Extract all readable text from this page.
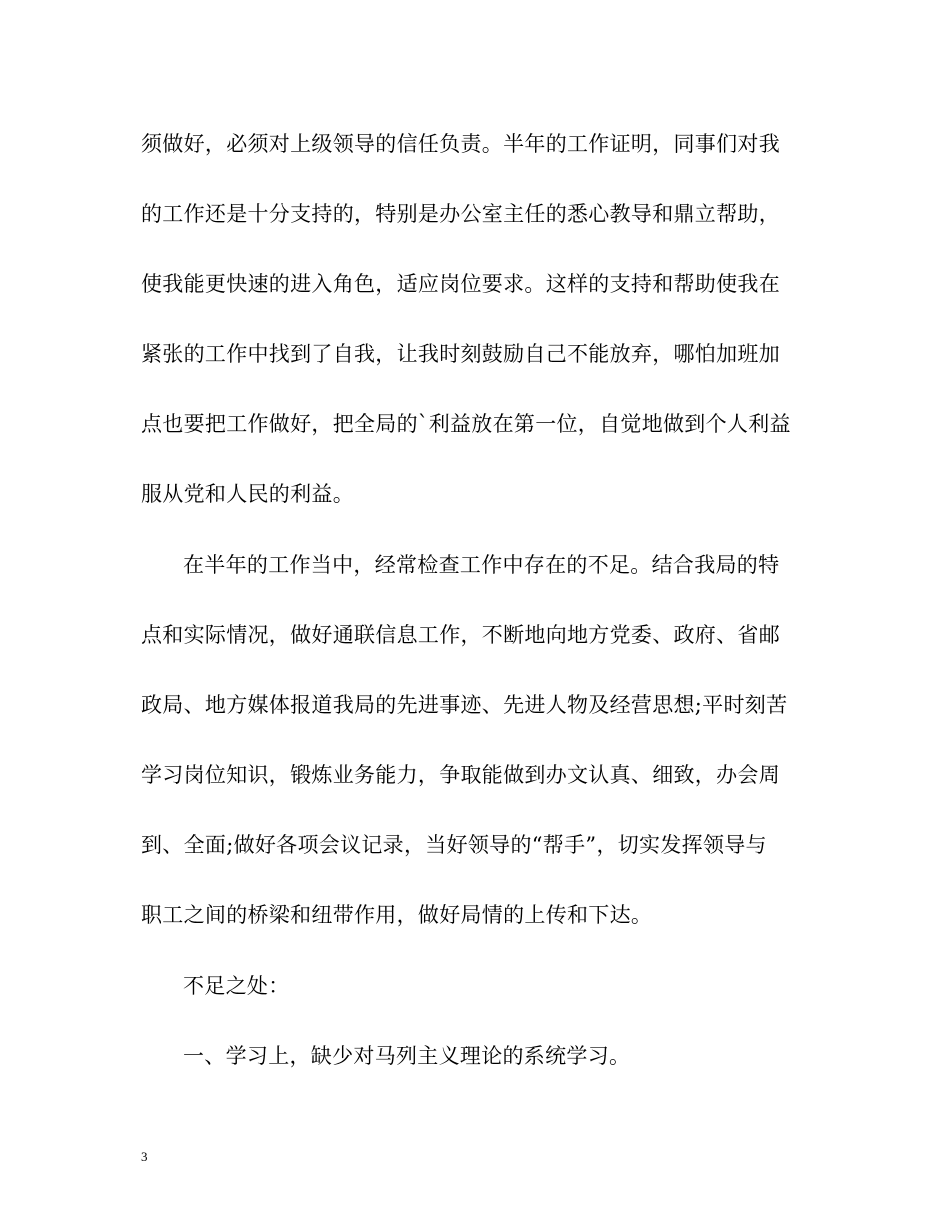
须做好，必须对上级领导的信任负责。半年的工作证明，同事们对我
的工作还是十分支持的，特别是办公室主任的悉心教导和鼎立帮助，
使我能更快速的进入角色，适应岗位要求。这样的支持和帮助使我在
紧张的工作中找到了自我，让我时刻鼓励自己不能放弃，哪怕加班加
点也要把工作做好，把全局的`利益放在第一位，自觉地做到个人利益
服从党和人民的利益。
在半年的工作当中，经常检查工作中存在的不足。结合我局的特
点和实际情况，做好通联信息工作，不断地向地方党委、政府、省邮
政局、地方媒体报道我局的先进事迹、先进人物及经营思想;平时刻苦
学习岗位知识，锻炼业务能力，争取能做到办文认真、细致，办会周
到、全面;做好各项会议记录，当好领导的“帮手”，切实发挥领导与
职工之间的桥梁和纽带作用，做好局情的上传和下达。
不足之处：
一、学习上，缺少对马列主义理论的系统学习。
3
